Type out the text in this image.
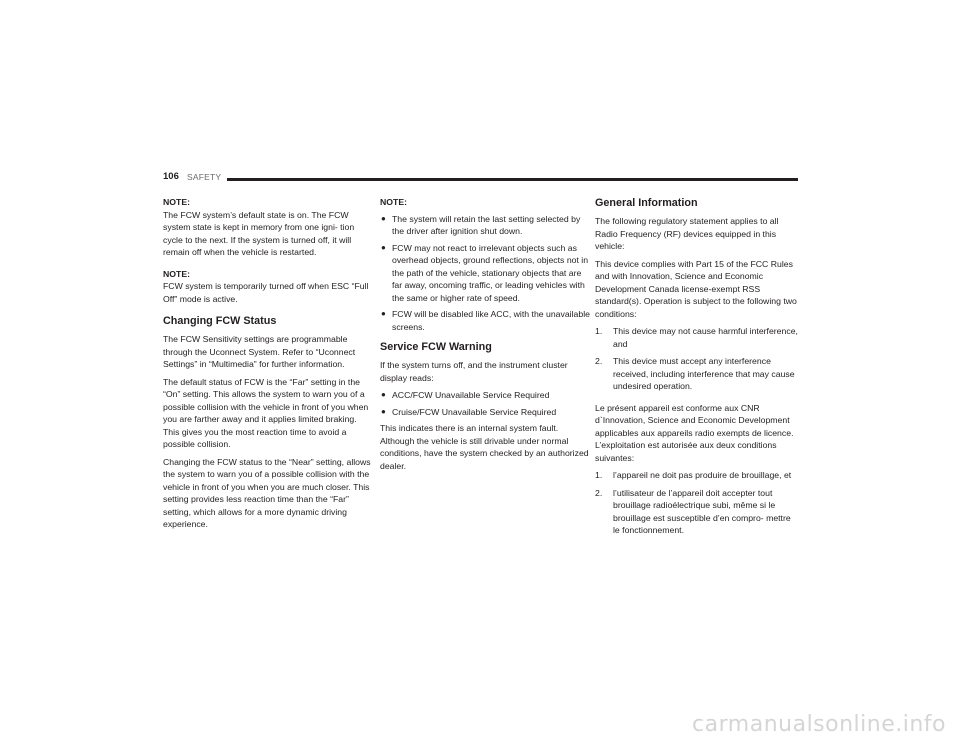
106 SAFETY

NOTE:

The FCW system’s default state is on. The FCW system state is kept in memory from one igni- tion cycle to the next. If the system is turned off, it will remain off when the vehicle is restarted.

NOTE:

FCW system is temporarily turned off when ESC “Full Off” mode is active.

Changing FCW Status

The FCW Sensitivity settings are programmable through the Uconnect System. Refer to “Uconnect Settings” in “Multimedia” for further information.

The default status of FCW is the “Far” setting in the “On” setting. This allows the system to warn you of a possible collision with the vehicle in front of you when you are farther away and it applies limited braking. This gives you the most reaction time to avoid a possible collision.

Changing the FCW status to the “Near” setting, allows the system to warn you of a possible collision with the vehicle in front of you when you are much closer. This setting provides less reaction time than the “Far” setting, which allows for a more dynamic driving experience.

NOTE:

● The system will retain the last setting selected by the driver after ignition shut down.
● FCW may not react to irrelevant objects such as overhead objects, ground reflections, objects not in the path of the vehicle, stationary objects that are far away, oncoming traffic, or leading vehicles with the same or higher rate of speed.
● FCW will be disabled like ACC, with the unavailable screens.
Service FCW Warning

If the system turns off, and the instrument cluster display reads:

● ACC/FCW Unavailable Service Required
● Cruise/FCW Unavailable Service Required

This indicates there is an internal system fault. Although the vehicle is still drivable under normal conditions, have the system checked by an authorized dealer.

General Information

The following regulatory statement applies to all Radio Frequency (RF) devices equipped in this vehicle:

This device complies with Part 15 of the FCC Rules and with Innovation, Science and Economic Development Canada license-exempt RSS standard(s). Operation is subject to the following two conditions:

1. This device may not cause harmful interference, and
2. This device must accept any interference received, including interference that may cause undesired operation.

Le présent appareil est conforme aux CNR d`Innovation, Science and Economic Development applicables aux appareils radio exempts de licence. L’exploitation est autorisée aux deux conditions suivantes:

1. l’appareil ne doit pas produire de brouillage, et
2. l’utilisateur de l’appareil doit accepter tout brouillage radioélectrique subi, même si le brouillage est susceptible d’en compro- mettre le fonctionnement.
carmanualsonline.info
